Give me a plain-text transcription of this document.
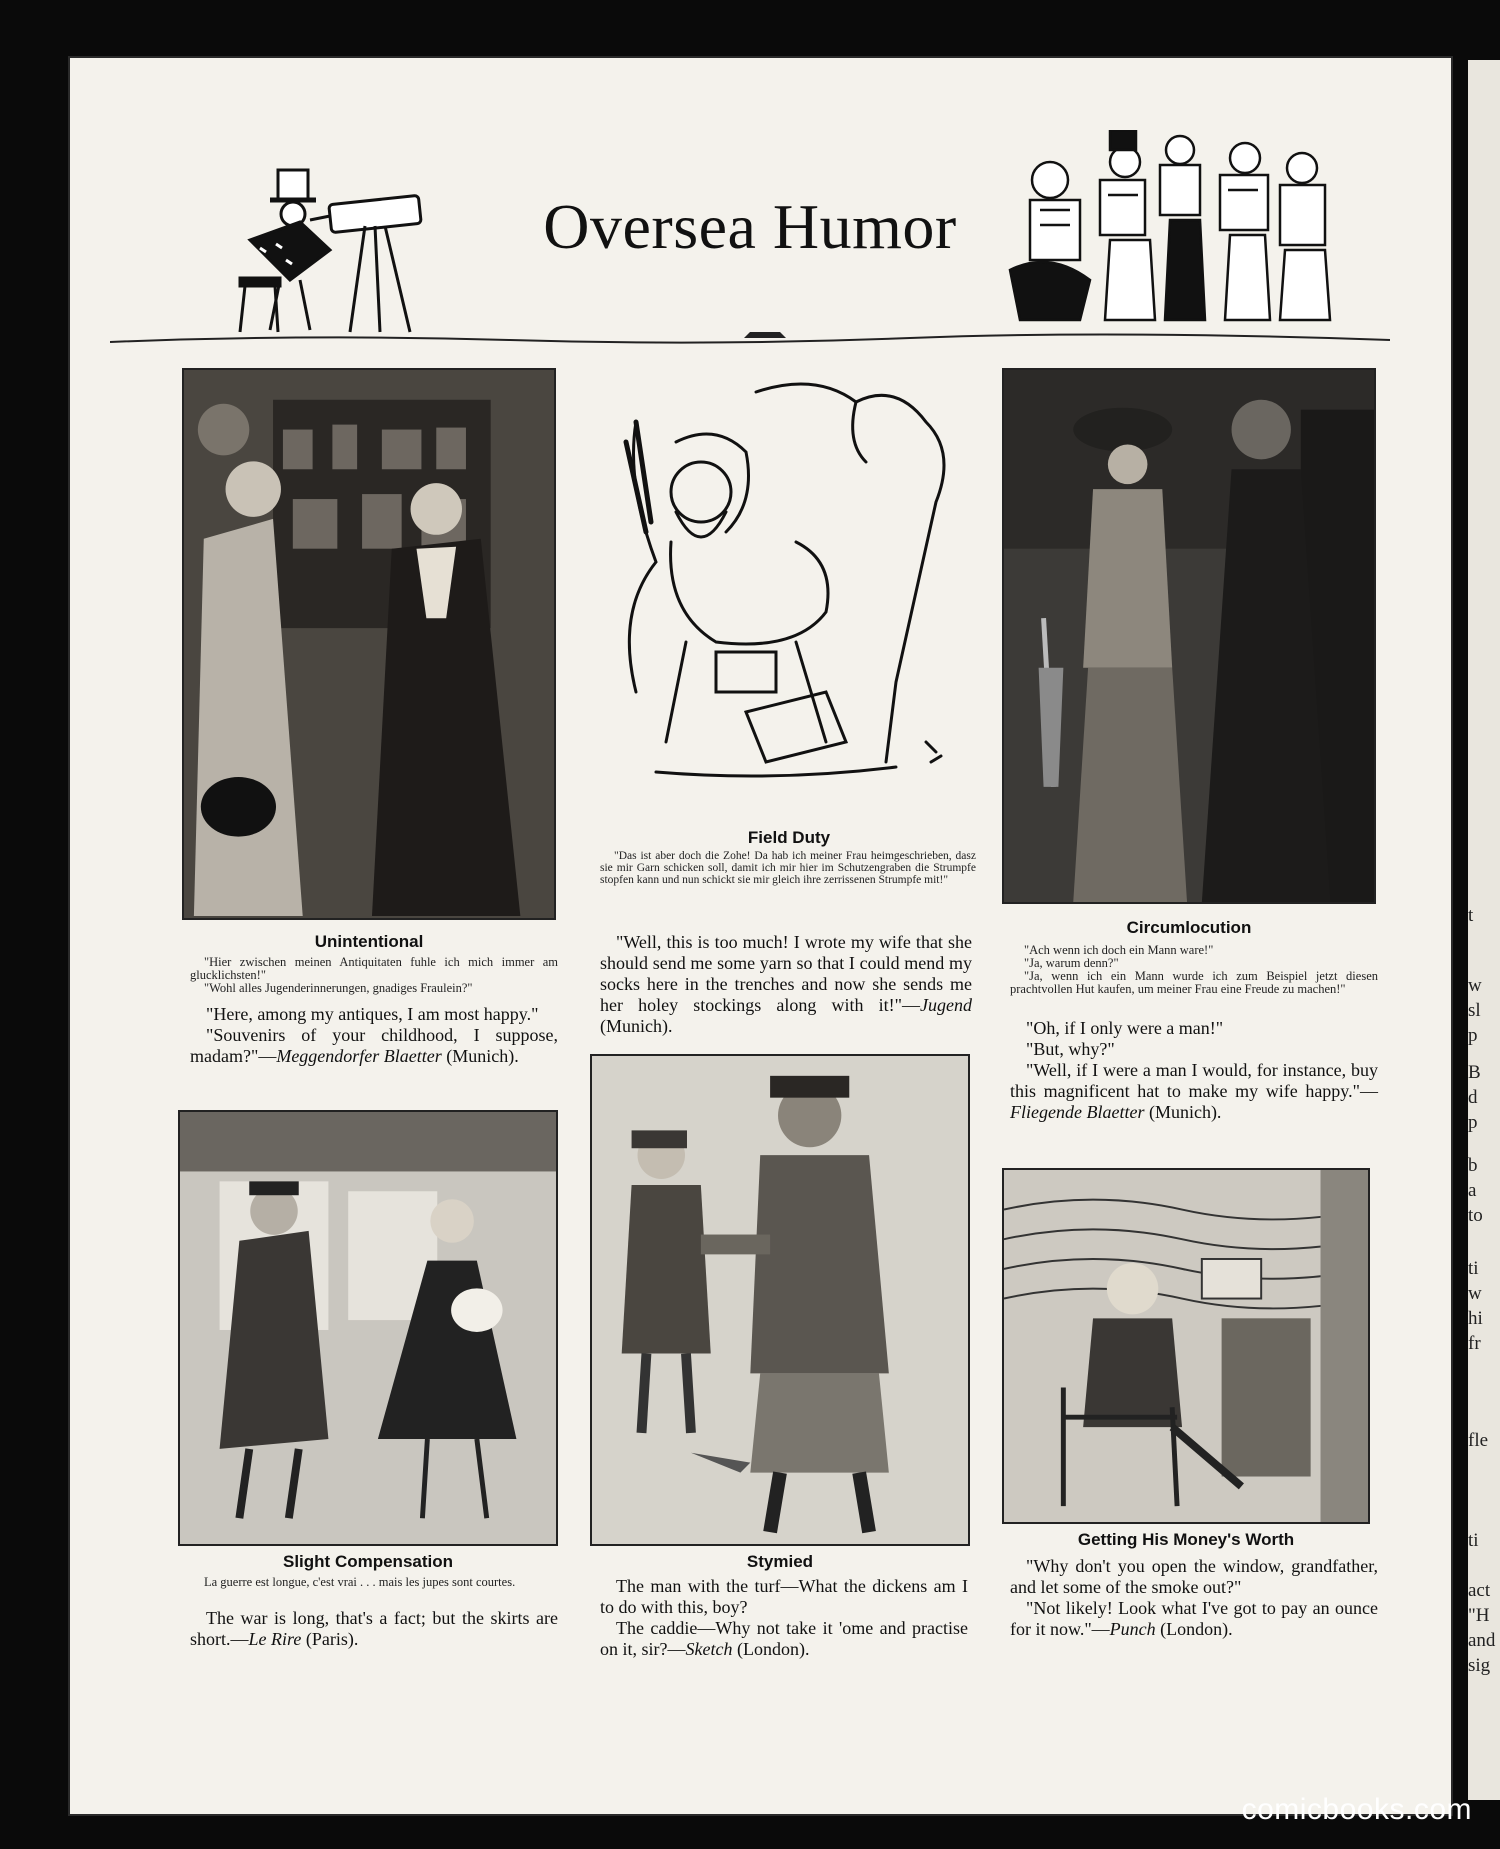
t
w
sl
p
B
d
p
b
a
to
ti
w
hi
fr
fle
ti
act
"H
and
sig
comicbooks.com
Oversea Humor
Unintentional

"Hier zwischen meinen Antiquitaten fuhle ich mich immer am glucklichsten!"

"Wohl alles Jugenderinnerungen, gnadiges Fraulein?"

"Here, among my antiques, I am most happy."

"Souvenirs of your childhood, I suppose, madam?"—Meggendorfer Blaetter (Munich).

Slight Compensation

La guerre est longue, c'est vrai . . . mais les jupes sont courtes.

The war is long, that's a fact; but the skirts are short.—Le Rire (Paris).

Field Duty

"Das ist aber doch die Zohe! Da hab ich meiner Frau heimgeschrieben, dasz sie mir Garn schicken soll, damit ich mir hier im Schutzengraben die Strumpfe stopfen kann und nun schickt sie mir gleich ihre zerrissenen Strumpfe mit!"

"Well, this is too much! I wrote my wife that she should send me some yarn so that I could mend my socks here in the trenches and now she sends me her holey stockings along with it!"—Jugend (Munich).

Stymied

The man with the turf—What the dickens am I to do with this, boy?

The caddie—Why not take it 'ome and practise on it, sir?—Sketch (London).

Circumlocution

"Ach wenn ich doch ein Mann ware!"

"Ja, warum denn?"

"Ja, wenn ich ein Mann wurde ich zum Beispiel jetzt diesen prachtvollen Hut kaufen, um meiner Frau eine Freude zu machen!"

"Oh, if I only were a man!"

"But, why?"

"Well, if I were a man I would, for instance, buy this magnificent hat to make my wife happy."—Fliegende Blaetter (Munich).

Getting His Money's Worth

"Why don't you open the window, grandfather, and let some of the smoke out?"

"Not likely! Look what I've got to pay an ounce for it now."—Punch (London).
